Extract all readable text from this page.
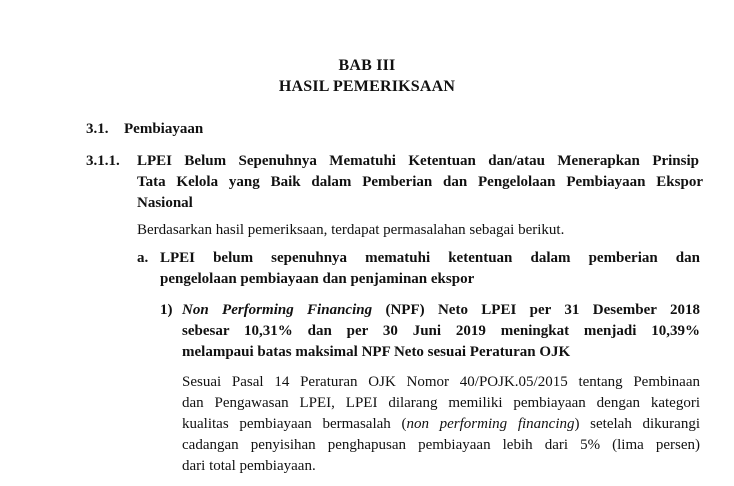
BAB III
HASIL PEMERIKSAAN
3.1. Pembiayaan
3.1.1. LPEI Belum Sepenuhnya Mematuhi Ketentuan dan/atau Menerapkan Prinsip
Tata Kelola yang Baik dalam Pemberian dan Pengelolaan Pembiayaan Ekspor
Nasional
Berdasarkan hasil pemeriksaan, terdapat permasalahan sebagai berikut.
a. LPEI belum sepenuhnya mematuhi ketentuan dalam pemberian dan
pengelolaan pembiayaan dan penjaminan ekspor
1) Non Performing Financing (NPF) Neto LPEI per 31 Desember 2018
sebesar 10,31% dan per 30 Juni 2019 meningkat menjadi 10,39%
melampaui batas maksimal NPF Neto sesuai Peraturan OJK
Sesuai Pasal 14 Peraturan OJK Nomor 40/POJK.05/2015 tentang Pembinaan
dan Pengawasan LPEI, LPEI dilarang memiliki pembiayaan dengan kategori
kualitas pembiayaan bermasalah (non performing financing) setelah dikurangi
cadangan penyisihan penghapusan pembiayaan lebih dari 5% (lima persen)
dari total pembiayaan.
